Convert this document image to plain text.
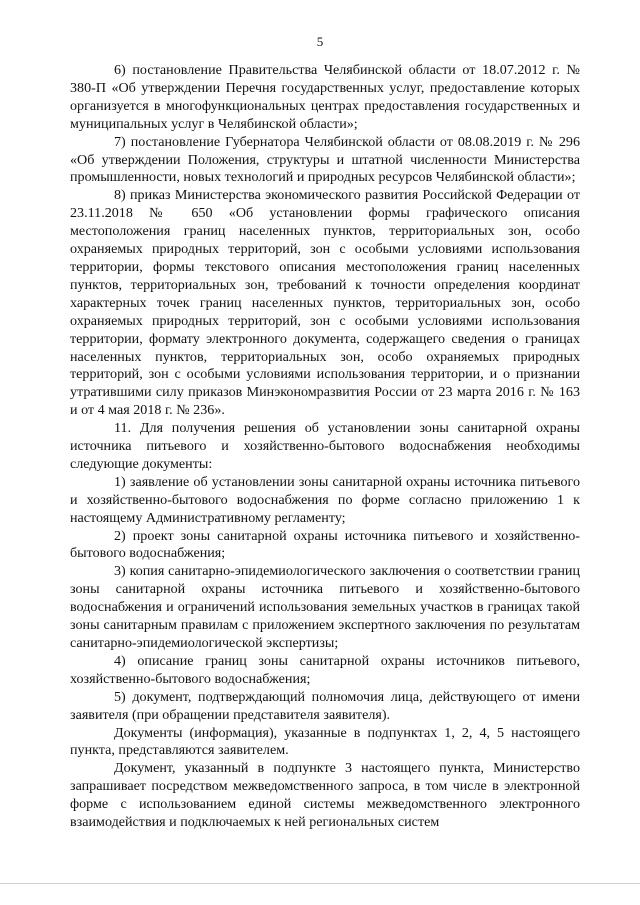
5

6) постановление Правительства Челябинской области от 18.07.2012 г. № 380-П «Об утверждении Перечня государственных услуг, предоставление которых организуется в многофункциональных центрах предоставления государственных и муниципальных услуг в Челябинской области»;

7) постановление Губернатора Челябинской области от 08.08.2019 г. № 296 «Об утверждении Положения, структуры и штатной численности Министерства промышленности, новых технологий и природных ресурсов Челябинской области»;

8) приказ Министерства экономического развития Российской Федерации от 23.11.2018 № 650 «Об установлении формы графического описания местоположения границ населенных пунктов, территориальных зон, особо охраняемых природных территорий, зон с особыми условиями использования территории, формы текстового описания местоположения границ населенных пунктов, территориальных зон, требований к точности определения координат характерных точек границ населенных пунктов, территориальных зон, особо охраняемых природных территорий, зон с особыми условиями использования территории, формату электронного документа, содержащего сведения о границах населенных пунктов, территориальных зон, особо охраняемых природных территорий, зон с особыми условиями использования территории, и о признании утратившими силу приказов Минэкономразвития России от 23 марта 2016 г. № 163 и от 4 мая 2018 г. № 236».

11. Для получения решения об установлении зоны санитарной охраны источника питьевого и хозяйственно-бытового водоснабжения необходимы следующие документы:

1) заявление об установлении зоны санитарной охраны источника питьевого и хозяйственно-бытового водоснабжения по форме согласно приложению 1 к настоящему Административному регламенту;

2) проект зоны санитарной охраны источника питьевого и хозяйственно-бытового водоснабжения;

3) копия санитарно-эпидемиологического заключения о соответствии границ зоны санитарной охраны источника питьевого и хозяйственно-бытового водоснабжения и ограничений использования земельных участков в границах такой зоны санитарным правилам с приложением экспертного заключения по результатам санитарно-эпидемиологической экспертизы;

4) описание границ зоны санитарной охраны источников питьевого, хозяйственно-бытового водоснабжения;

5) документ, подтверждающий полномочия лица, действующего от имени заявителя (при обращении представителя заявителя).

Документы (информация), указанные в подпунктах 1, 2, 4, 5 настоящего пункта, представляются заявителем.

Документ, указанный в подпункте 3 настоящего пункта, Министерство запрашивает посредством межведомственного запроса, в том числе в электронной форме с использованием единой системы межведомственного электронного взаимодействия и подключаемых к ней региональных систем
